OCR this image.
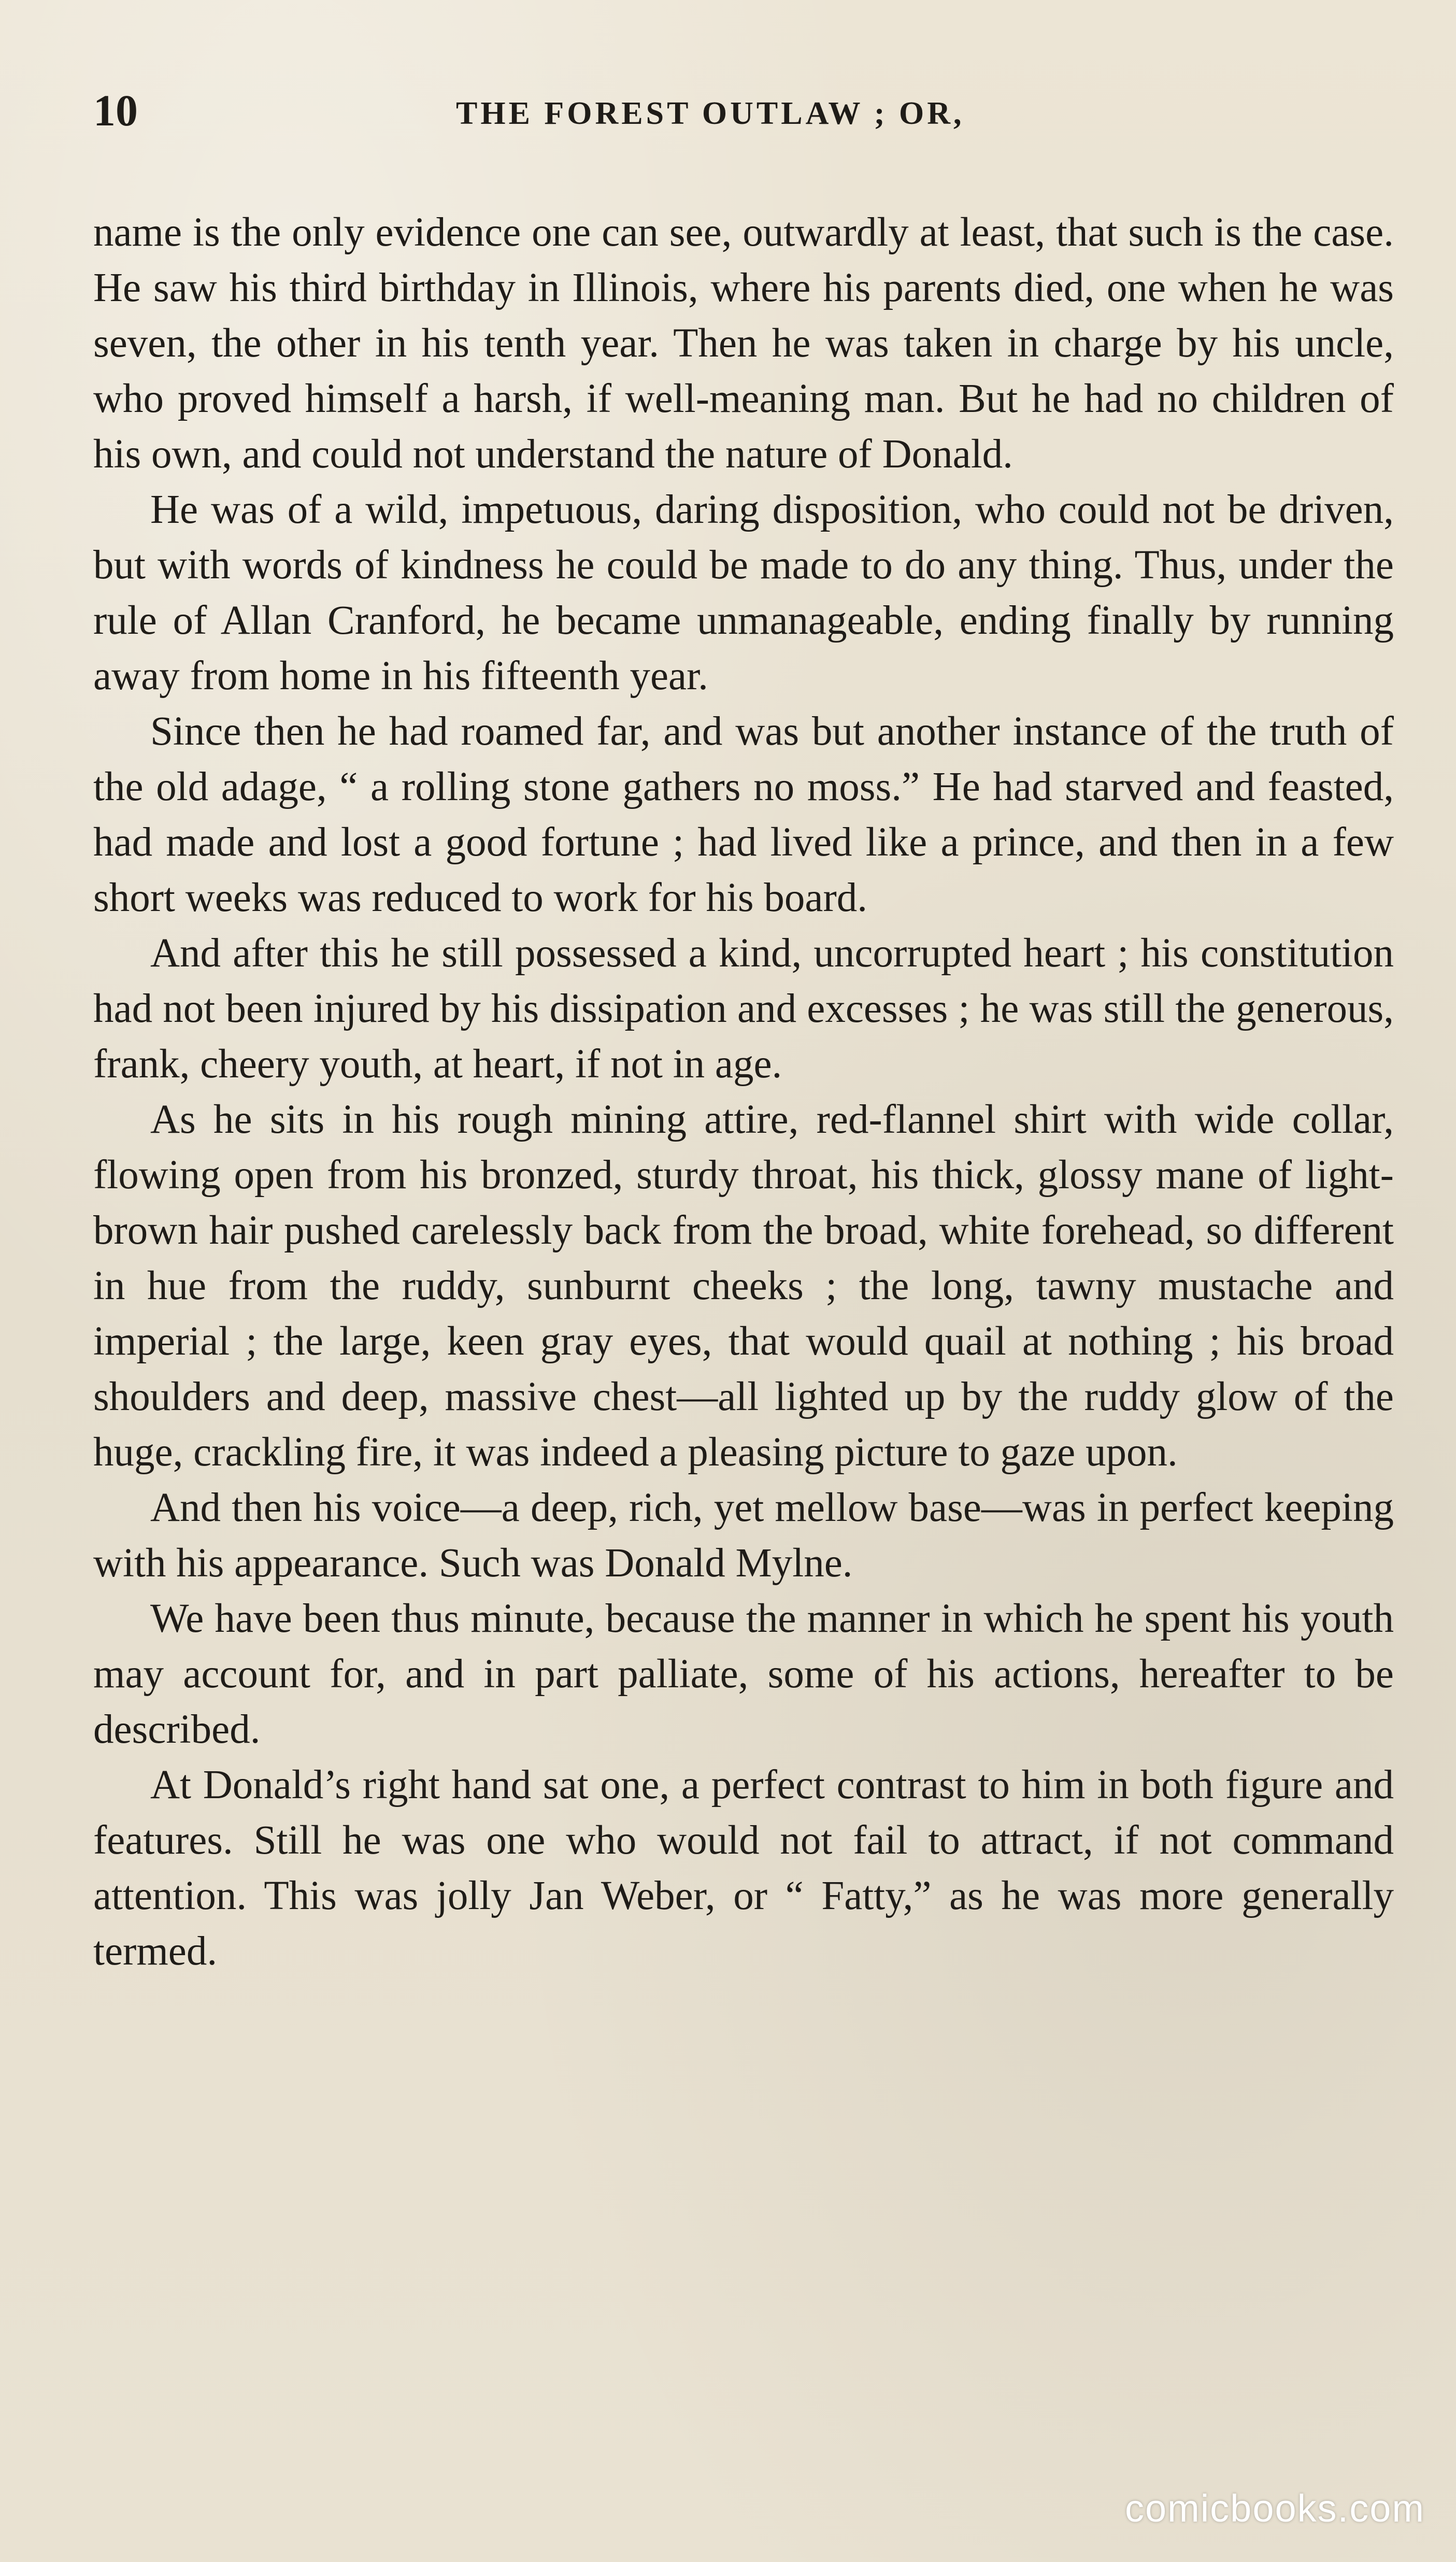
10	THE FOREST OUTLAW ; OR,

name is the only evidence one can see, outwardly at least, that such is the case. He saw his third birthday in Illinois, where his parents died, one when he was seven, the other in his tenth year. Then he was taken in charge by his uncle, who proved himself a harsh, if well-meaning man. But he had no children of his own, and could not understand the nature of Donald.

He was of a wild, impetuous, daring disposition, who could not be driven, but with words of kindness he could be made to do any thing. Thus, under the rule of Allan Cranford, he became unmanageable, ending finally by running away from home in his fifteenth year.

Since then he had roamed far, and was but another instance of the truth of the old adage, “ a rolling stone gathers no moss.” He had starved and feasted, had made and lost a good fortune ; had lived like a prince, and then in a few short weeks was reduced to work for his board.

And after this he still possessed a kind, uncorrupted heart ; his constitution had not been injured by his dissipation and excesses ; he was still the generous, frank, cheery youth, at heart, if not in age.

As he sits in his rough mining attire, red-flannel shirt with wide collar, flowing open from his bronzed, sturdy throat, his thick, glossy mane of light-brown hair pushed carelessly back from the broad, white forehead, so different in hue from the ruddy, sunburnt cheeks ; the long, tawny mustache and imperial ; the large, keen gray eyes, that would quail at nothing ; his broad shoulders and deep, massive chest—all lighted up by the ruddy glow of the huge, crackling fire, it was indeed a pleasing picture to gaze upon.

And then his voice—a deep, rich, yet mellow base—was in perfect keeping with his appearance. Such was Donald Mylne.

We have been thus minute, because the manner in which he spent his youth may account for, and in part palliate, some of his actions, hereafter to be described.

At Donald’s right hand sat one, a perfect contrast to him in both figure and features. Still he was one who would not fail to attract, if not command attention. This was jolly Jan Weber, or “ Fatty,” as he was more generally termed.

comicbooks.com
